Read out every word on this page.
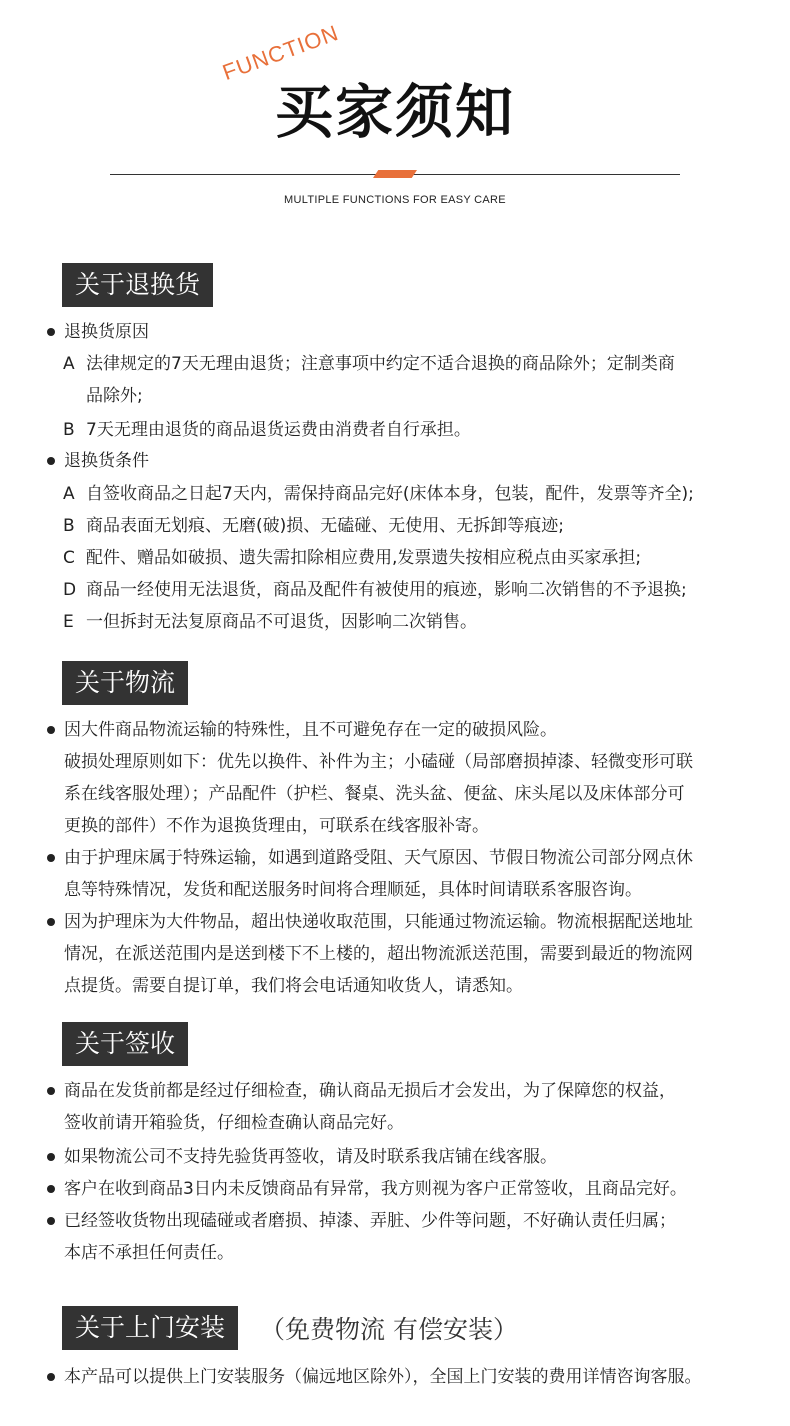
FUNCTION
买家须知
MULTIPLE FUNCTIONS FOR EASY CARE
关于退换货
退换货原因
A 法律规定的7天无理由退货；注意事项中约定不适合退换的商品除外；定制类商
品除外;
B 7天无理由退货的商品退货运费由消费者自行承担。
退换货条件
A 自签收商品之日起7天内，需保持商品完好(床体本身，包装，配件，发票等齐全);
B 商品表面无划痕、无磨(破)损、无磕碰、无使用、无拆卸等痕迹;
C 配件、赠品如破损、遗失需扣除相应费用,发票遗失按相应税点由买家承担;
D 商品一经使用无法退货，商品及配件有被使用的痕迹，影响二次销售的不予退换;
E 一但拆封无法复原商品不可退货，因影响二次销售。
关于物流
因大件商品物流运输的特殊性，且不可避免存在一定的破损风险。
破损处理原则如下：优先以换件、补件为主；小磕碰（局部磨损掉漆、轻微变形可联
系在线客服处理）；产品配件（护栏、餐桌、洗头盆、便盆、床头尾以及床体部分可
更换的部件）不作为退换货理由，可联系在线客服补寄。
由于护理床属于特殊运输，如遇到道路受阻、天气原因、节假日物流公司部分网点休
息等特殊情况，发货和配送服务时间将合理顺延，具体时间请联系客服咨询。
因为护理床为大件物品，超出快递收取范围，只能通过物流运输。物流根据配送地址
情况，在派送范围内是送到楼下不上楼的，超出物流派送范围，需要到最近的物流网
点提货。需要自提订单，我们将会电话通知收货人，请悉知。
关于签收
商品在发货前都是经过仔细检查，确认商品无损后才会发出，为了保障您的权益，
签收前请开箱验货，仔细检查确认商品完好。
如果物流公司不支持先验货再签收，请及时联系我店铺在线客服。
客户在收到商品3日内未反馈商品有异常，我方则视为客户正常签收，且商品完好。
已经签收货物出现磕碰或者磨损、掉漆、弄脏、少件等问题，不好确认责任归属；
本店不承担任何责任。
关于上门安装	（免费物流 有偿安装）
本产品可以提供上门安装服务（偏远地区除外），全国上门安装的费用详情咨询客服。
